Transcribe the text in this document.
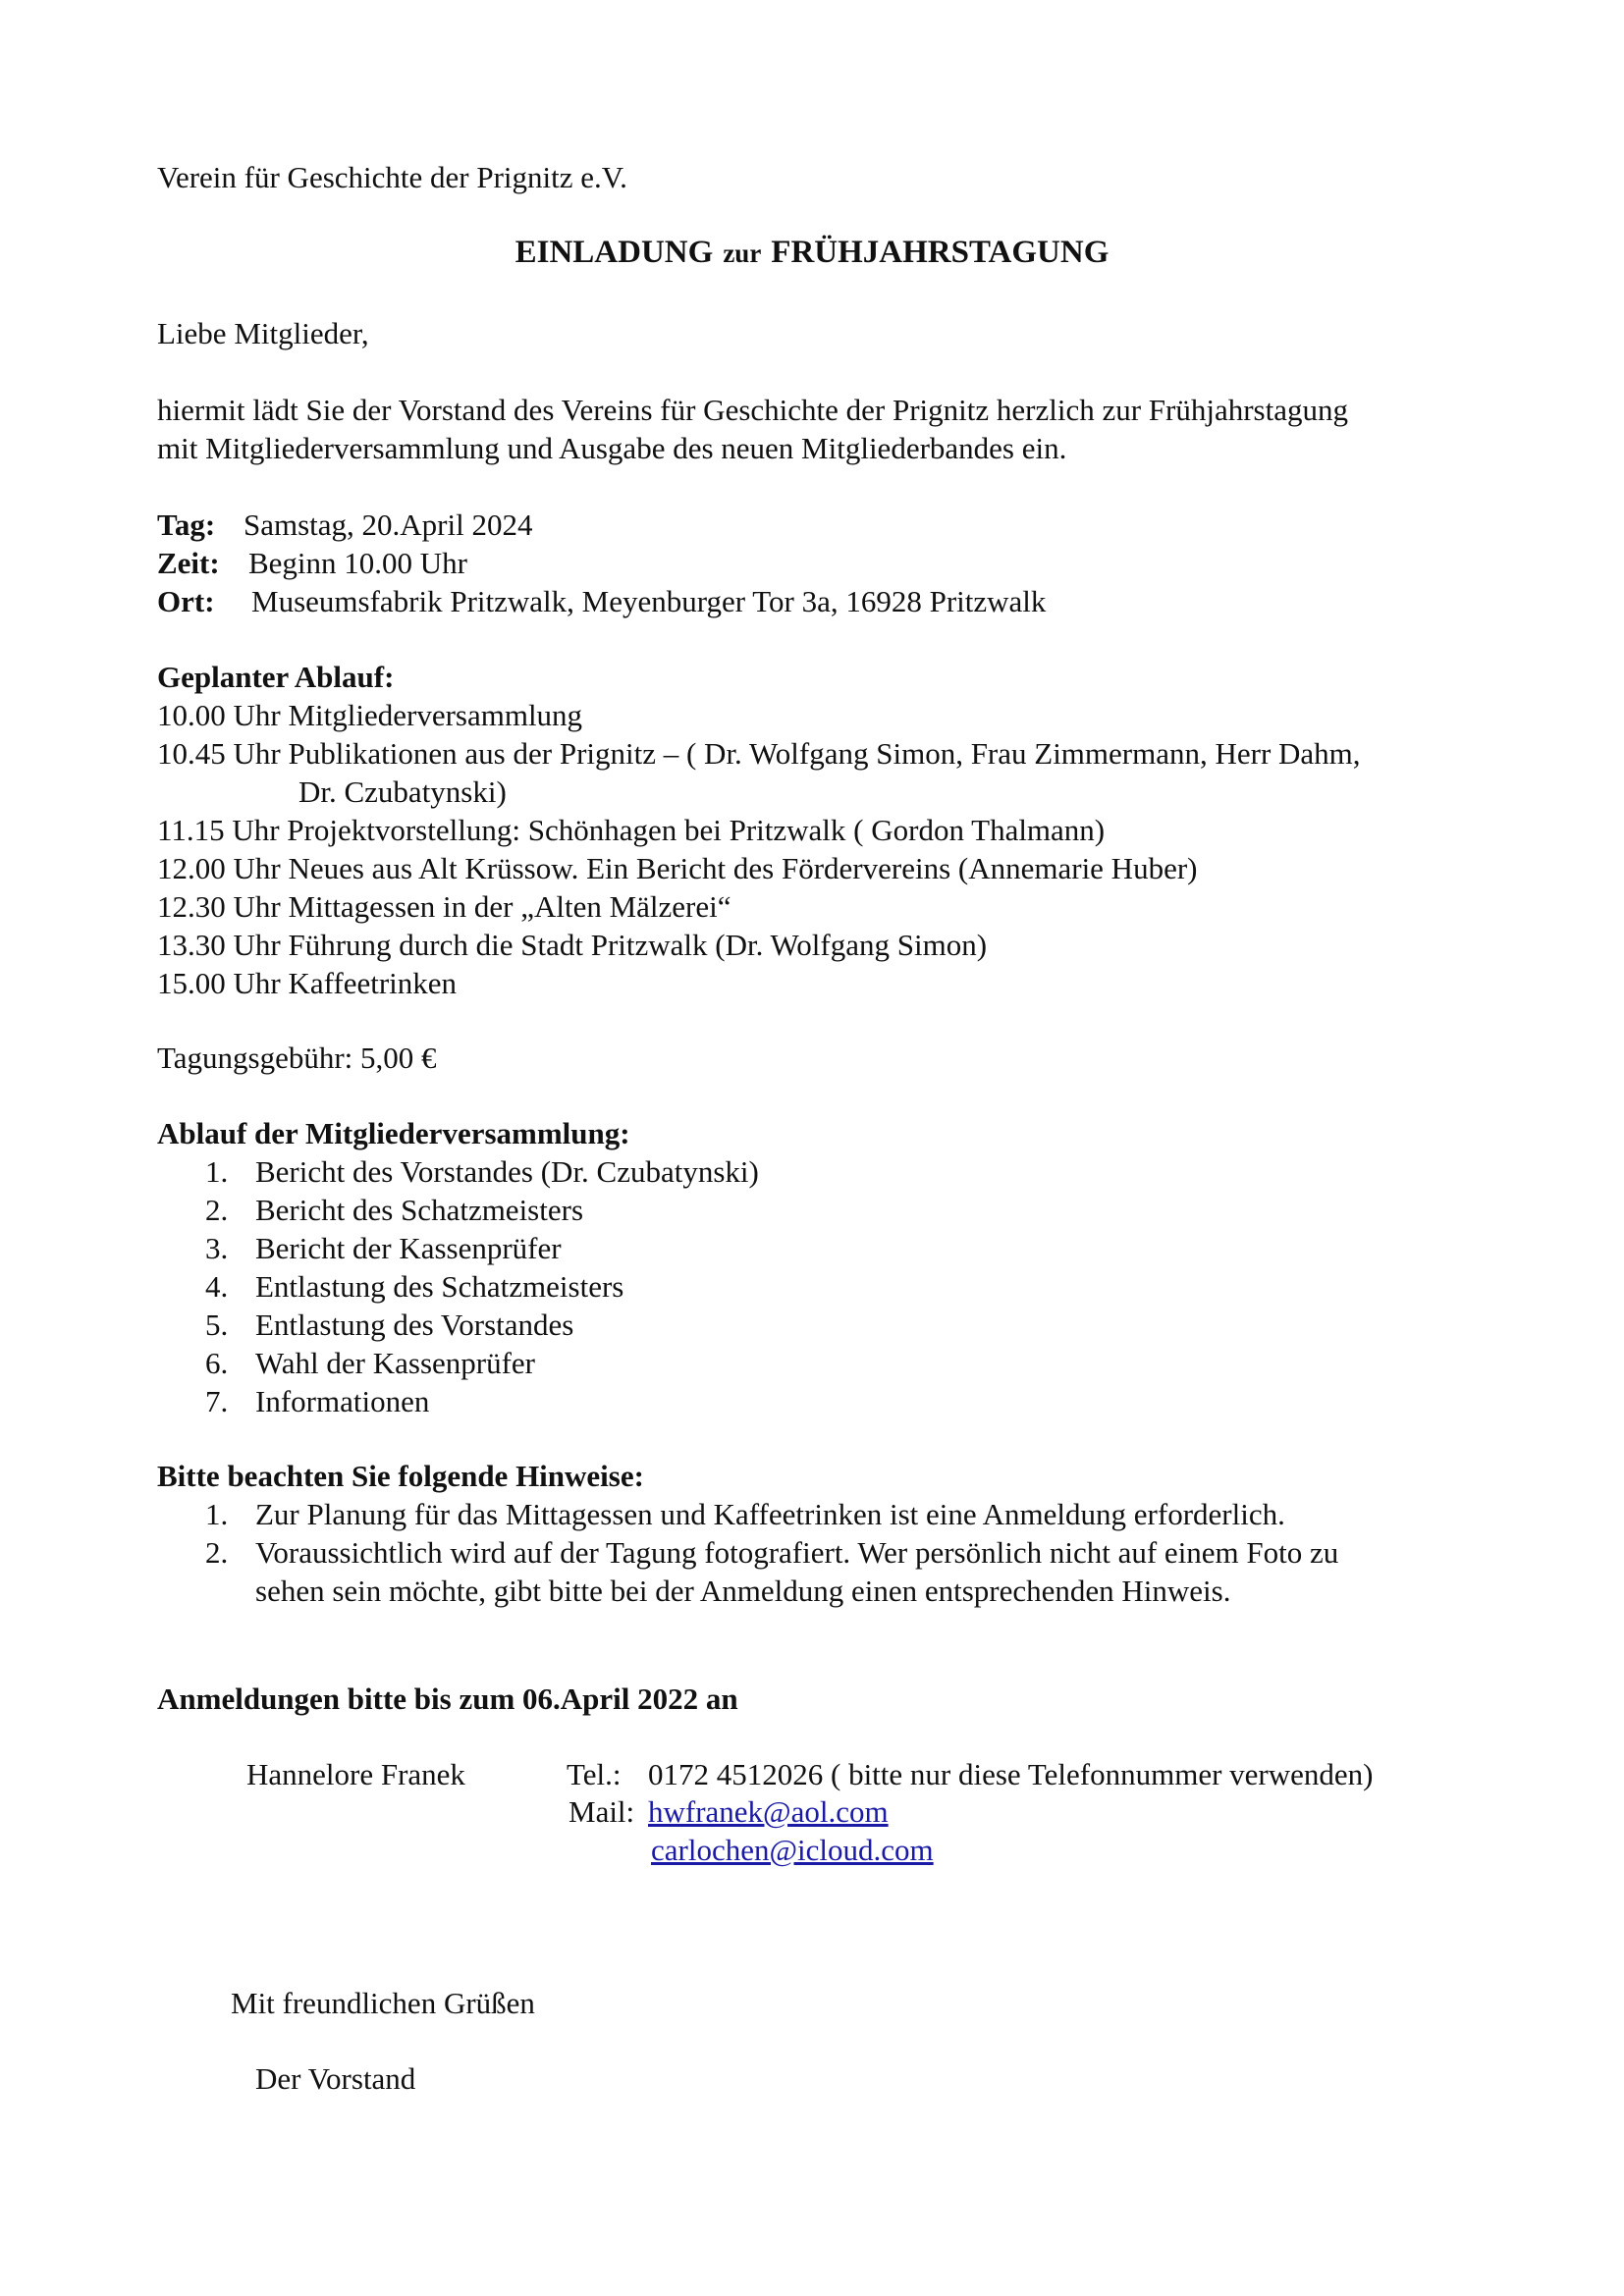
Verein für Geschichte der Prignitz e.V.
EINLADUNG zur FRÜHJAHRSTAGUNG
Liebe Mitglieder,
hiermit lädt Sie der Vorstand des Vereins für Geschichte der Prignitz herzlich zur Frühjahrstagung
mit Mitgliederversammlung und Ausgabe des neuen Mitgliederbandes ein.
Tag: Samstag, 20.April 2024
Zeit: Beginn 10.00 Uhr
Ort: Museumsfabrik Pritzwalk, Meyenburger Tor 3a, 16928 Pritzwalk
Geplanter Ablauf:
10.00 Uhr Mitgliederversammlung
10.45 Uhr Publikationen aus der Prignitz – ( Dr. Wolfgang Simon, Frau Zimmermann, Herr Dahm,
Dr. Czubatynski)
11.15 Uhr Projektvorstellung: Schönhagen bei Pritzwalk ( Gordon Thalmann)
12.00 Uhr Neues aus Alt Krüssow. Ein Bericht des Fördervereins (Annemarie Huber)
12.30 Uhr Mittagessen in der „Alten Mälzerei“
13.30 Uhr Führung durch die Stadt Pritzwalk (Dr. Wolfgang Simon)
15.00 Uhr Kaffeetrinken
Tagungsgebühr: 5,00 €
Ablauf der Mitgliederversammlung:
1. Bericht des Vorstandes (Dr. Czubatynski)
2. Bericht des Schatzmeisters
3. Bericht der Kassenprüfer
4. Entlastung des Schatzmeisters
5. Entlastung des Vorstandes
6. Wahl der Kassenprüfer
7. Informationen
Bitte beachten Sie folgende Hinweise:
1. Zur Planung für das Mittagessen und Kaffeetrinken ist eine Anmeldung erforderlich.
2. Voraussichtlich wird auf der Tagung fotografiert. Wer persönlich nicht auf einem Foto zu
sehen sein möchte, gibt bitte bei der Anmeldung einen entsprechenden Hinweis.
Anmeldungen bitte bis zum 06.April 2022 an
Hannelore Franek	Tel.: 0172 4512026 ( bitte nur diese Telefonnummer verwenden)
Mail: hwfranek@aol.com
carlochen@icloud.com
Mit freundlichen Grüßen
Der Vorstand
